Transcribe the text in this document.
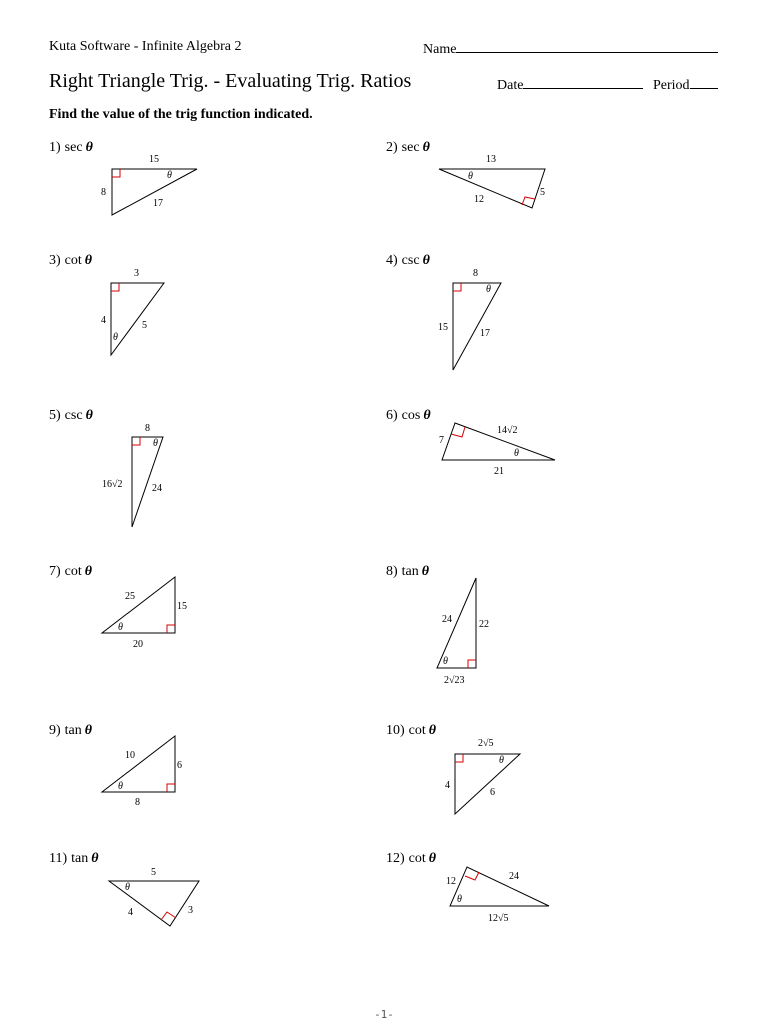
Kuta Software - Infinite Algebra 2	Name
Right Triangle Trig. - Evaluating Trig. Ratios	Date	Period
Find the value of the trig function indicated.
1) sec θ	2) sec θ
3) cot θ	4) csc θ
5) csc θ	6) cos θ
7) cot θ	8) tan θ
9) tan θ	10) cot θ
11) tan θ	12) cot θ
15
8
17
θ
13
12
5
θ
3
4	5
θ
8
15
17
θ
8
16√2	24
θ	7
14√2
21
θ
25
15
20
θ
24	22
2√23
θ
10
6
8
θ
2√5
4
6
θ
5
4	3
θ
12	24
12√5
θ
-1-
